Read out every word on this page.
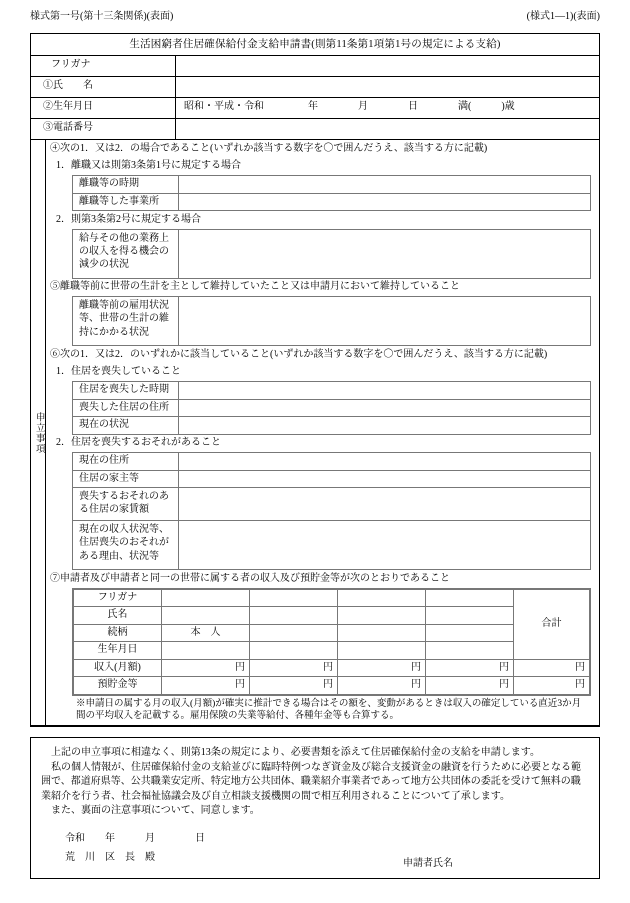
様式第一号(第十三条関係)(表面)	(様式1—1)(表面)
生活困窮者住居確保給付金支給申請書(則第11条第1項第1号の規定による支給)
フリガナ
①氏　　名
②生年月日	昭和・平成・令和	年	月	日	満(　　　)歳
③電話番号
申立事項
④次の1．又は2．の場合であること(いずれか該当する数字を〇で囲んだうえ、該当する方に記載)
1．離職又は則第3条第1号に規定する場合
離職等の時期
離職等した事業所
2．則第3条第2号に規定する場合
給与その他の業務上の収入を得る機会の減少の状況
⑤離職等前に世帯の生計を主として維持していたこと又は申請月において維持していること
離職等前の雇用状況等、世帯の生計の維持にかかる状況
⑥次の1．又は2．のいずれかに該当していること(いずれか該当する数字を〇で囲んだうえ、該当する方に記載)
1．住居を喪失していること
住居を喪失した時期
喪失した住居の住所
現在の状況
2．住居を喪失するおそれがあること
現在の住所
住居の家主等
喪失するおそれのある住居の家賃額
現在の収入状況等、住居喪失のおそれがある理由、状況等
⑦申請者及び申請者と同一の世帯に属する者の収入及び預貯金等が次のとおりであること
フリガナ					合計
氏名					
続柄	本　人				
生年月日					
収入(月額)	円	円	円	円	円
預貯金等	円	円	円	円	円
※申請日の属する月の収入(月額)が確実に推計できる場合はその額を、変動があるときは収入の確定している直近3か月間の平均収入を記載する。雇用保険の失業等給付、各種年金等も合算する。

上記の申立事項に相違なく、則第13条の規定により、必要書類を添えて住居確保給付金の支給を申請します。

私の個人情報が、住居確保給付金の支給並びに臨時特例つなぎ資金及び総合支援資金の融資を行うために必要となる範囲で、都道府県等、公共職業安定所、特定地方公共団体、職業紹介事業者であって地方公共団体の委託を受けて無料の職業紹介を行う者、社会福祉協議会及び自立相談支援機関の間で相互利用されることについて了承します。

また、裏面の注意事項について、同意します。

令和　　年　　　月　　　　日
荒　川　区　長　殿
申請者氏名
